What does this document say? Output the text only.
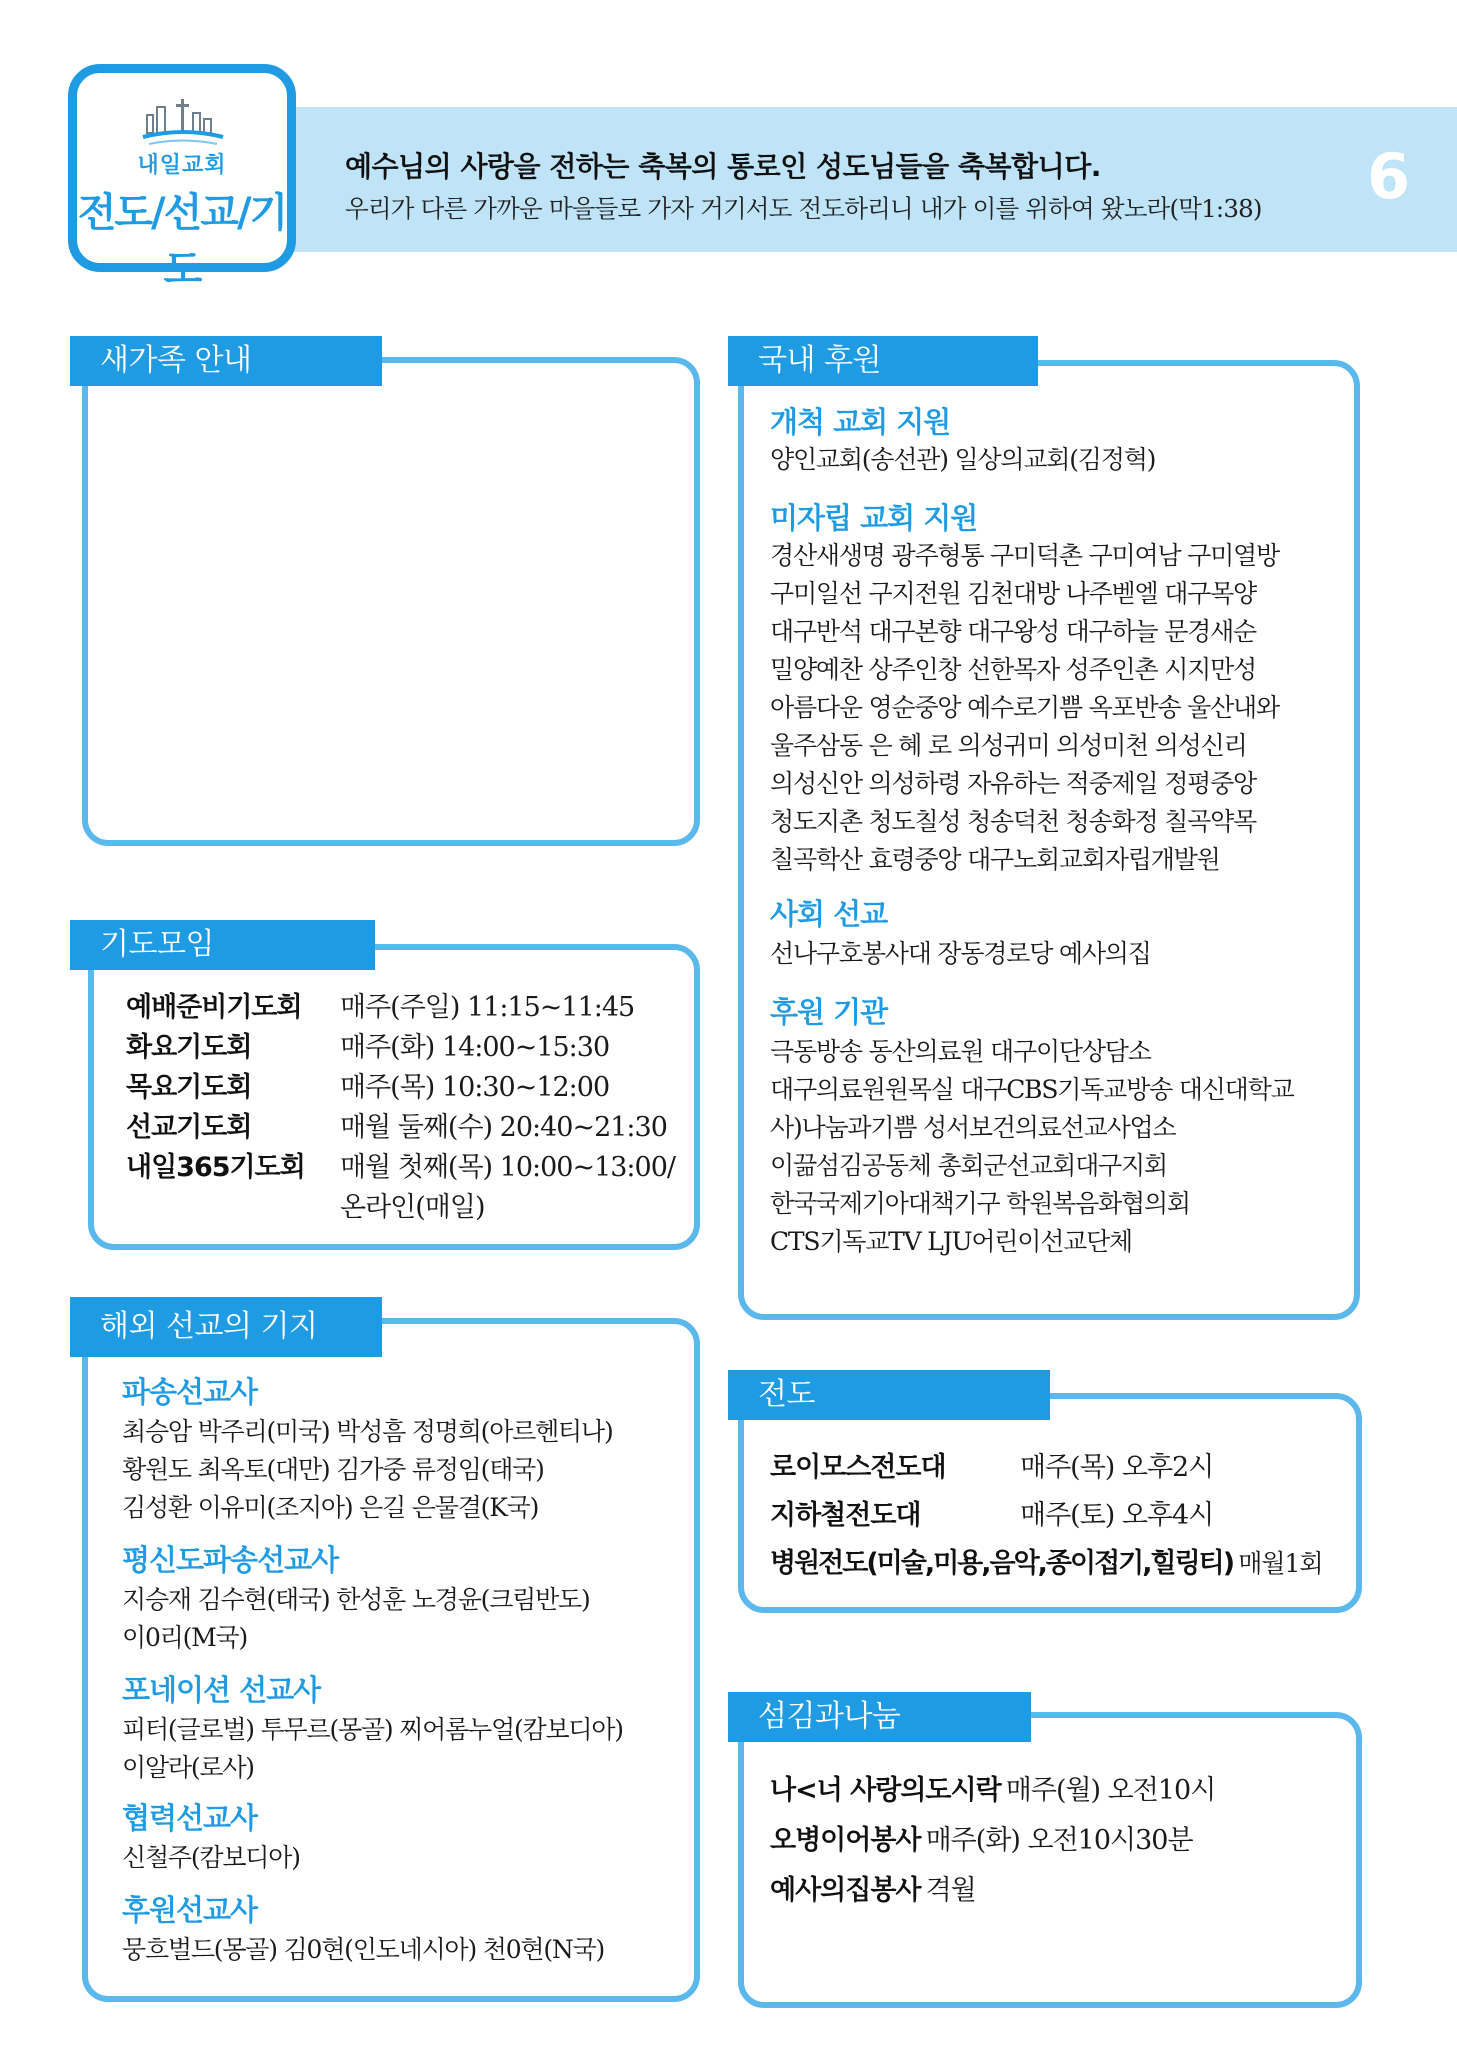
내일교회
전도/선교/기도
예수님의 사랑을 전하는 축복의 통로인 성도님들을 축복합니다.
우리가 다른 가까운 마을들로 가자 거기서도 전도하리니 내가 이를 위하여 왔노라(막1:38) 6
새가족 안내
기도모임
예배준비기도회 매주(주일) 11:15~11:45
화요기도회	매주(화) 14:00~15:30
목요기도회	매주(목) 10:30~12:00
선교기도회	매월 둘째(수) 20:40~21:30
내일365기도회 매월 첫째(목) 10:00~13:00/
온라인(매일)
해외 선교의 기지
파송선교사
최승암 박주리(미국) 박성흠 정명희(아르헨티나)
황원도 최옥토(대만) 김가중 류정임(태국)
김성환 이유미(조지아) 은길 은물결(K국)
평신도파송선교사
지승재 김수현(태국) 한성훈 노경윤(크림반도)
이0리(M국)
포네이션 선교사
피터(글로벌) 투무르(몽골) 찌어롬누얼(캄보디아)
이알라(로사)
협력선교사
신철주(캄보디아)
후원선교사
뭉흐벌드(몽골) 김0현(인도네시아) 천0현(N국)
국내 후원
개척 교회 지원
양인교회(송선관) 일상의교회(김정혁)
미자립 교회 지원
경산새생명 광주형통 구미덕촌 구미여남 구미열방
구미일선 구지전원 김천대방 나주벧엘 대구목양
대구반석 대구본향 대구왕성 대구하늘 문경새순
밀양예찬 상주인창 선한목자 성주인촌 시지만성
아름다운 영순중앙 예수로기쁨 옥포반송 울산내와
울주삼동 은 혜 로 의성귀미 의성미천 의성신리
의성신안 의성하령 자유하는 적중제일 정평중앙
청도지촌 청도칠성 청송덕천 청송화정 칠곡약목
칠곡학산 효령중앙 대구노회교회자립개발원
사회 선교
선나구호봉사대 장동경로당 예사의집
후원 기관
극동방송 동산의료원 대구이단상담소
대구의료원원목실 대구CBS기독교방송 대신대학교
사)나눔과기쁨 성서보건의료선교사업소
이끎섬김공동체 총회군선교회대구지회
한국국제기아대책기구 학원복음화협의회
CTS기독교TV LJU어린이선교단체
전도
로이모스전도대	매주(목) 오후2시
지하철전도대	매주(토) 오후4시
병원전도(미술,미용,음악,종이접기,힐링티) 매월1회
섬김과나눔
나<너 사랑의도시락 매주(월) 오전10시
오병이어봉사 매주(화) 오전10시30분
예사의집봉사 격월
